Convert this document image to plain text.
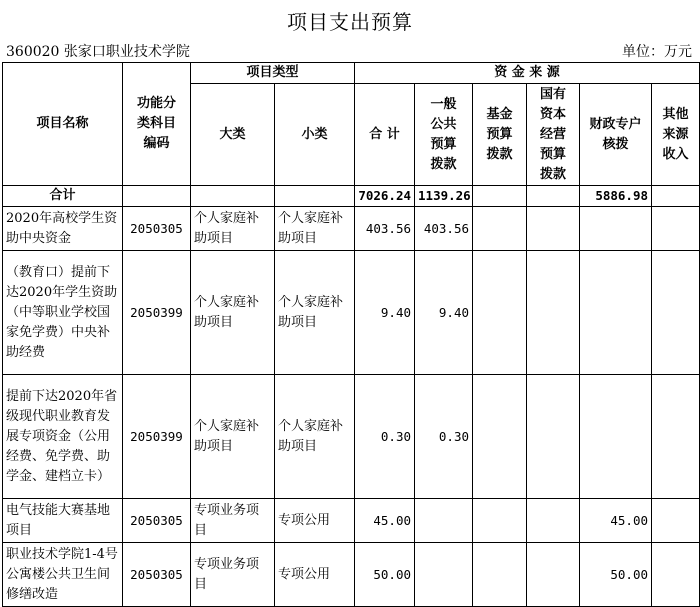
项目支出预算
360020 张家口职业技术学院	单位：万元
项目名称	功能分类科目编码	项目类型		资 金 来 源					
		大类	小类	合 计	一般公共预算拨款	基金预算拨款	国有资本经营预算拨款	财政专户核拨	其他来源收入

合计				7026.24	1139.26			5886.98	
2020年高校学生资助中央资金	2050305	个人家庭补助项目	个人家庭补助项目	403.56	403.56				
（教育口）提前下达2020年学生资助（中等职业学校国家免学费）中央补助经费	2050399	个人家庭补助项目	个人家庭补助项目	9.40	9.40				
提前下达2020年省级现代职业教育发展专项资金（公用经费、免学费、助学金、建档立卡）	2050399	个人家庭补助项目	个人家庭补助项目	0.30	0.30				
电气技能大赛基地项目	2050305	专项业务项目	专项公用	45.00				45.00	
职业技术学院1-4号公寓楼公共卫生间修缮改造	2050305	专项业务项目	专项公用	50.00				50.00	
